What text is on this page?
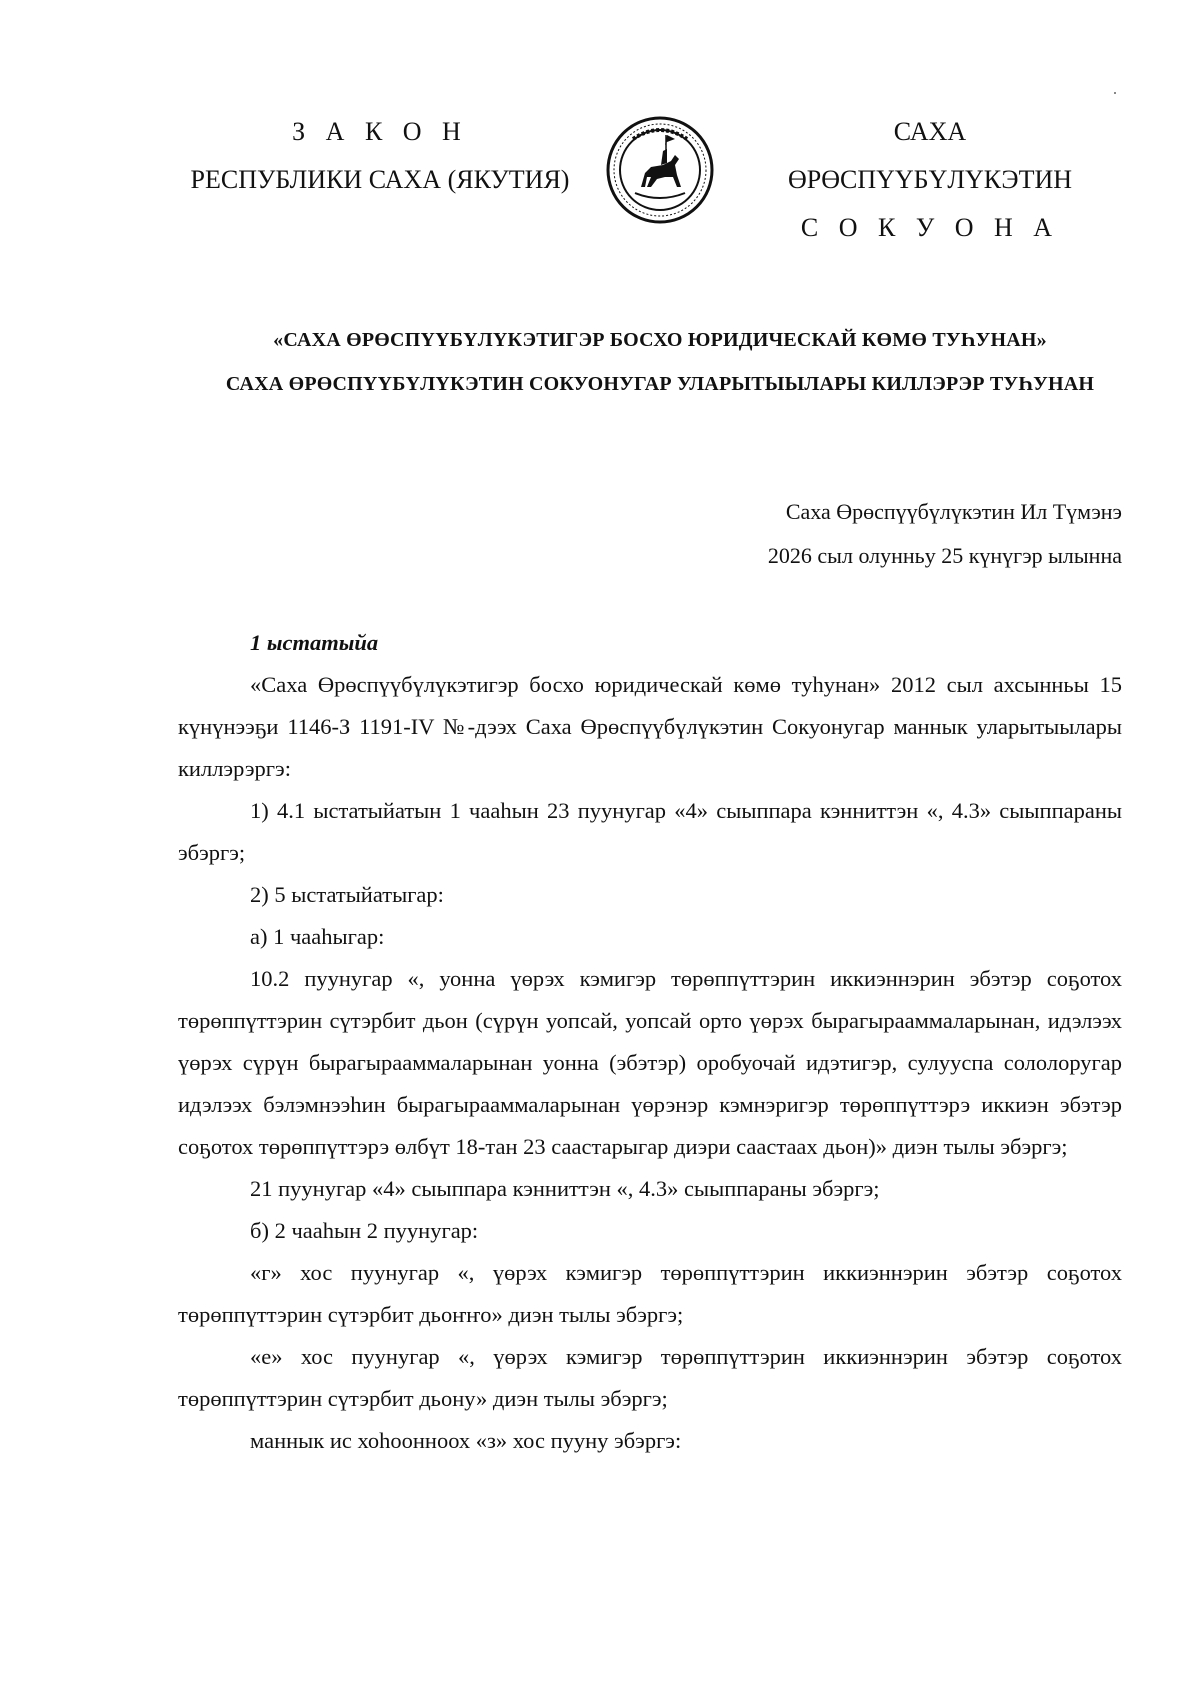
З А К О Н
РЕСПУБЛИКИ САХА (ЯКУТИЯ)
САХА ӨРӨСПҮҮБҮЛҮКЭТИН
С О К У О Н А
«САХА ӨРӨСПҮҮБҮЛҮКЭТИГЭР БОСХО ЮРИДИЧЕСКАЙ КӨМӨ ТУҺУНАН»
САХА ӨРӨСПҮҮБҮЛҮКЭТИН СОКУОНУГАР УЛАРЫТЫЫЛАРЫ КИЛЛЭРЭР ТУҺУНАН
Саха Өрөспүүбүлүкэтин Ил Түмэнэ
2026 сыл олунньу 25 күнүгэр ылынна

1 ыстатыйа

«Саха Өрөспүүбүлүкэтигэр босхо юридическай көмө туһунан» 2012 сыл ахсынньы 15 күнүнээҕи 1146-З 1191-IV №-дээх Саха Өрөспүүбүлүкэтин Сокуонугар маннык уларытыылары киллэрэргэ:

1) 4.1 ыстатыйатын 1 чааһын 23 пуунугар «4» сыыппара кэнниттэн «, 4.3» сыыппараны эбэргэ;

2) 5 ыстатыйатыгар:

а) 1 чааһыгар:

10.2 пуунугар «, уонна үөрэх кэмигэр төрөппүттэрин иккиэннэрин эбэтэр соҕотох төрөппүттэрин сүтэрбит дьон (сүрүн уопсай, уопсай орто үөрэх бырагырааммаларынан, идэлээх үөрэх сүрүн бырагырааммаларынан уонна (эбэтэр) оробуочай идэтигэр, сулууспа сололоругар идэлээх бэлэмнээһин бырагырааммаларынан үөрэнэр кэмнэригэр төрөппүттэрэ иккиэн эбэтэр соҕотох төрөппүттэрэ өлбүт 18-тан 23 саастарыгар диэри саастаах дьон)» диэн тылы эбэргэ;

21 пуунугар «4» сыыппара кэнниттэн «, 4.3» сыыппараны эбэргэ;

б) 2 чааһын 2 пуунугар:

«г» хос пуунугар «, үөрэх кэмигэр төрөппүттэрин иккиэннэрин эбэтэр соҕотох төрөппүттэрин сүтэрбит дьоҥҥо» диэн тылы эбэргэ;

«е» хос пуунугар «, үөрэх кэмигэр төрөппүттэрин иккиэннэрин эбэтэр соҕотох төрөппүттэрин сүтэрбит дьону» диэн тылы эбэргэ;

маннык ис хоһоонноох «з» хос пууну эбэргэ:
